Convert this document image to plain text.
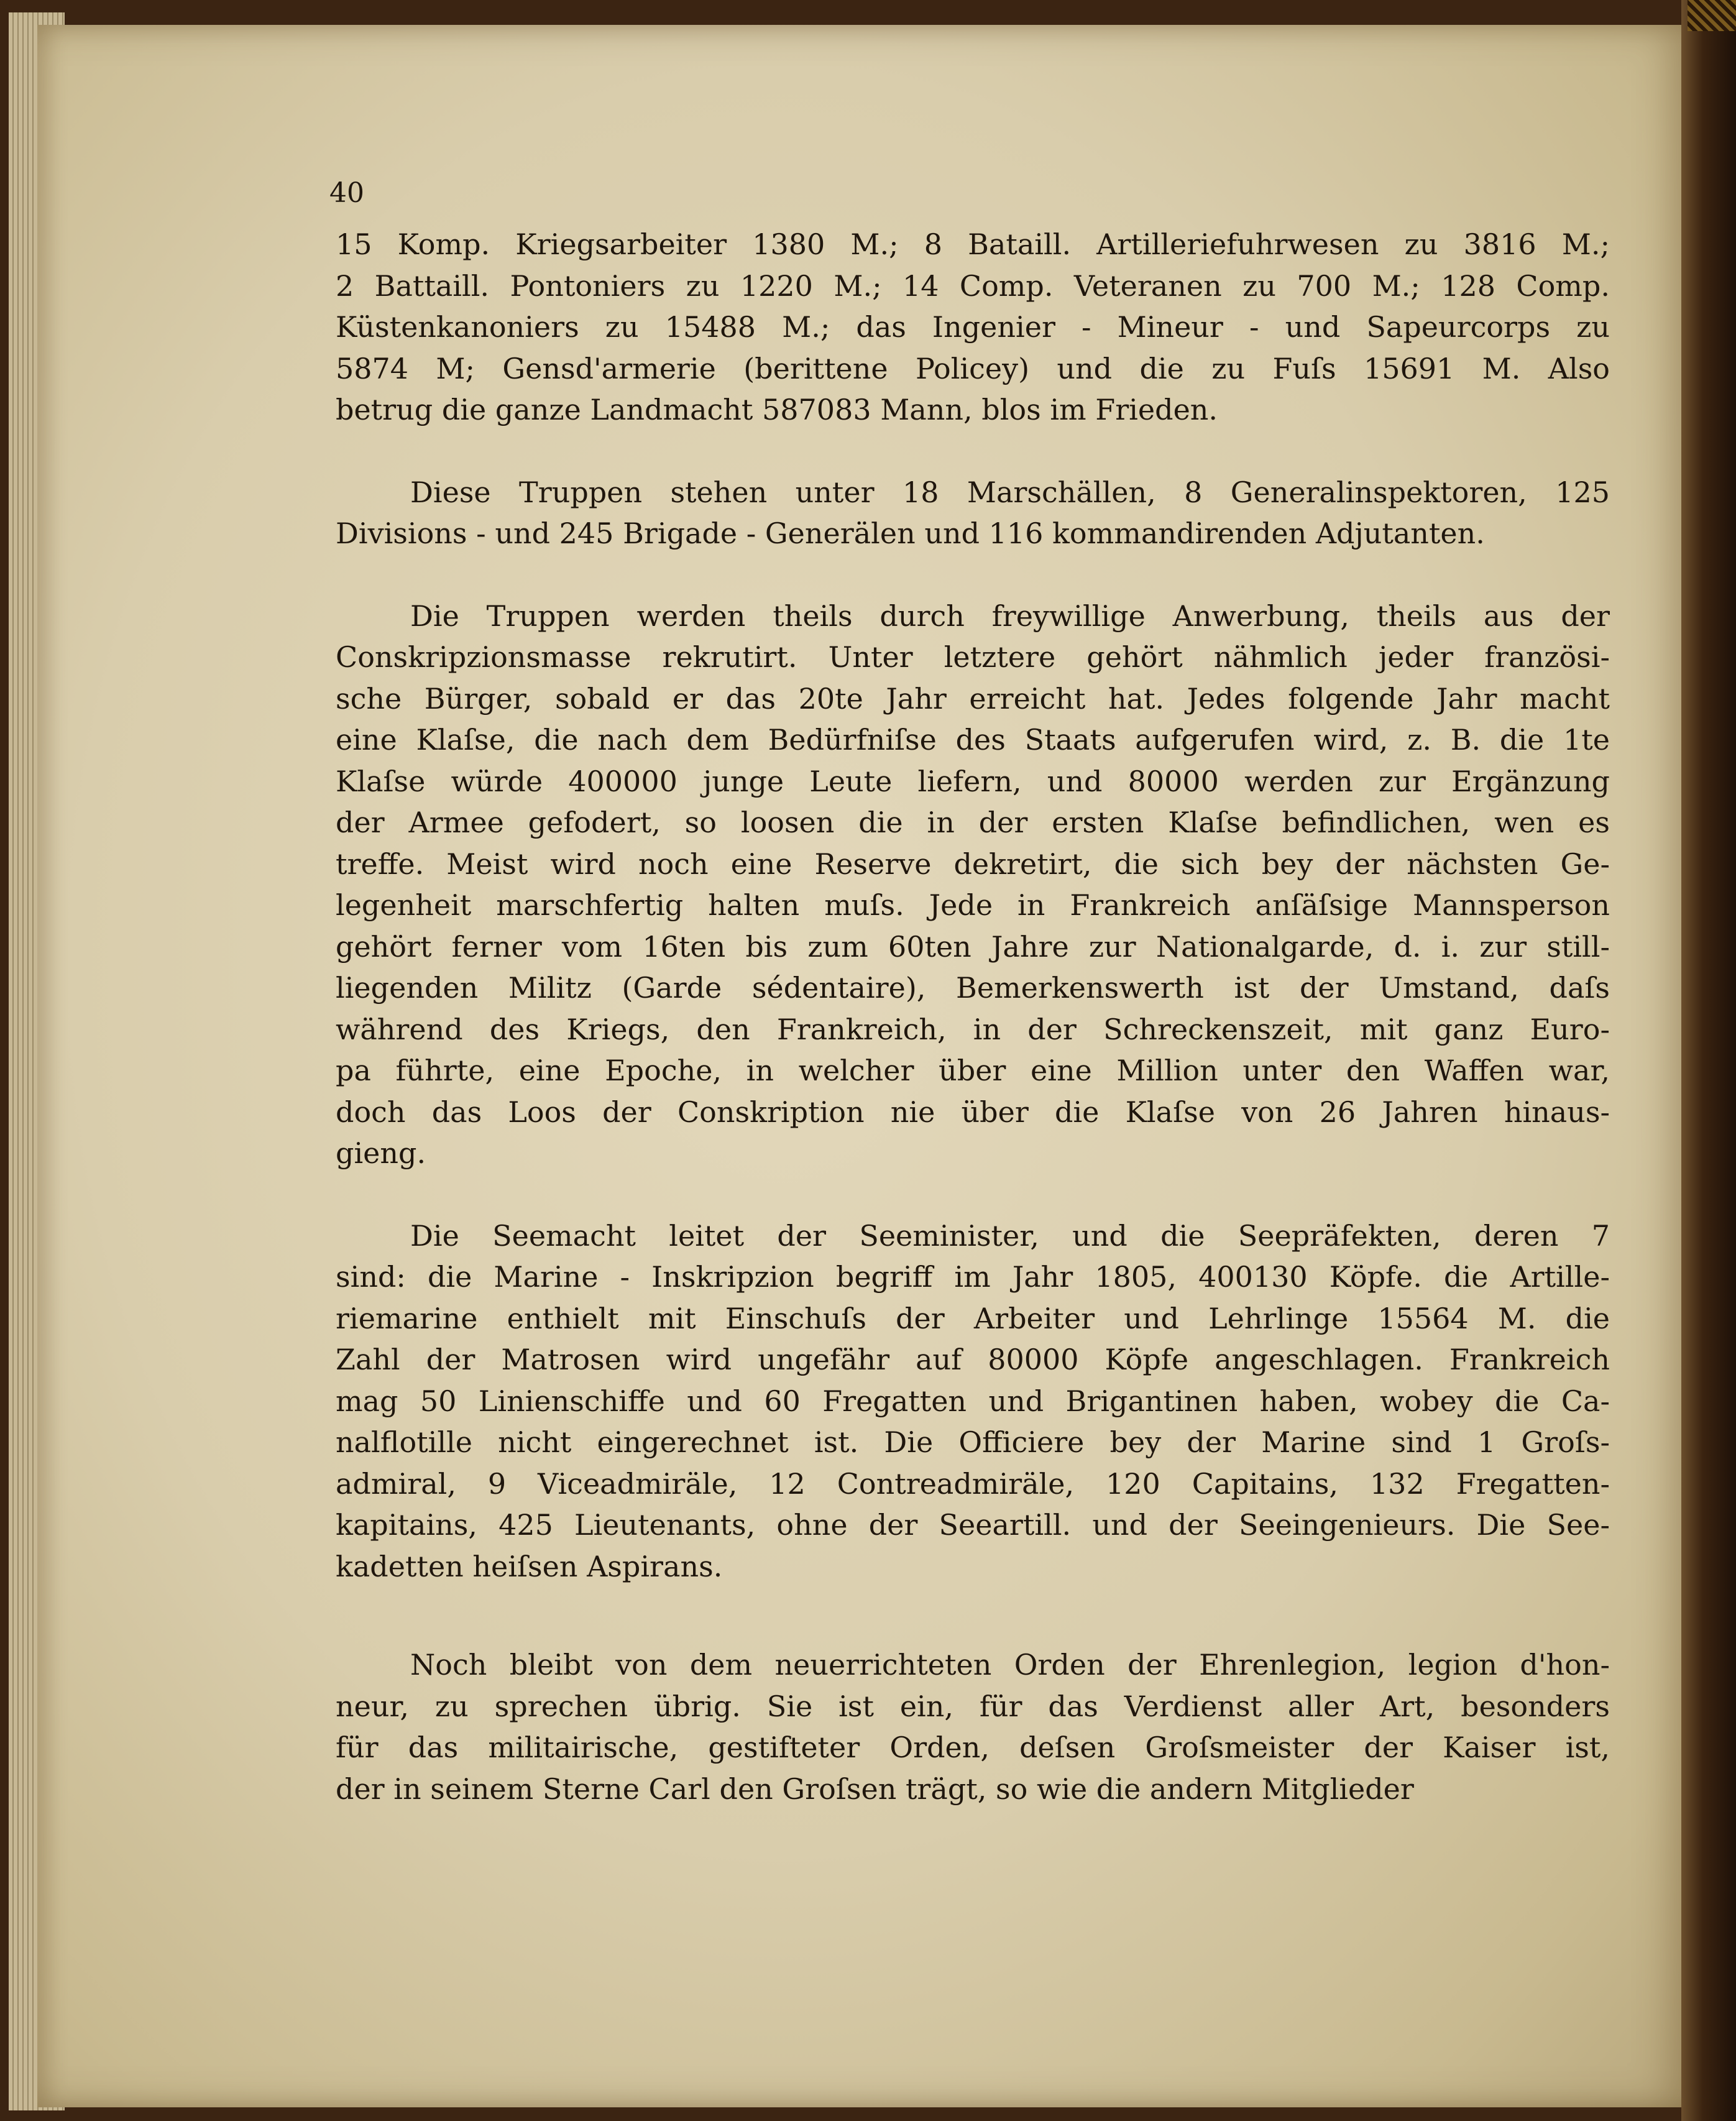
40
15 Komp. Kriegsarbeiter 1380 M.; 8 Bataill. Artilleriefuhrwesen zu 3816 M.;
2 Battaill. Pontoniers zu 1220 M.; 14 Comp. Veteranen zu 700 M.; 128 Comp.
Küstenkanoniers zu 15488 M.; das Ingenier - Mineur - und Sapeurcorps zu
5874 M; Gensd'armerie (berittene Policey) und die zu Fuſs 15691 M. Also
betrug die ganze Landmacht 587083 Mann, blos im Frieden.
Diese Truppen stehen unter 18 Marschällen, 8 Generalinspektoren, 125
Divisions - und 245 Brigade - Generälen und 116 kommandirenden Adjutanten.
Die Truppen werden theils durch freywillige Anwerbung, theils aus der
Conskripzionsmasse rekrutirt. Unter letztere gehört nähmlich jeder französi-
sche Bürger, sobald er das 20te Jahr erreicht hat. Jedes folgende Jahr macht
eine Klaſse, die nach dem Bedürfniſse des Staats aufgerufen wird, z. B. die 1te
Klaſse würde 400000 junge Leute liefern, und 80000 werden zur Ergänzung
der Armee gefodert, so loosen die in der ersten Klaſse befindlichen, wen es
treffe. Meist wird noch eine Reserve dekretirt, die sich bey der nächsten Ge-
legenheit marschfertig halten muſs. Jede in Frankreich anſäſsige Mannsperson
gehört ferner vom 16ten bis zum 60ten Jahre zur Nationalgarde, d. i. zur still-
liegenden Militz (Garde sédentaire), Bemerkenswerth ist der Umstand, daſs
während des Kriegs, den Frankreich, in der Schreckenszeit, mit ganz Euro-
pa führte, eine Epoche, in welcher über eine Million unter den Waffen war,
doch das Loos der Conskription nie über die Klaſse von 26 Jahren hinaus-
gieng.
Die Seemacht leitet der Seeminister, und die Seepräfekten, deren 7
sind: die Marine - Inskripzion begriff im Jahr 1805, 400130 Köpfe. die Artille-
riemarine enthielt mit Einschuſs der Arbeiter und Lehrlinge 15564 M. die
Zahl der Matrosen wird ungefähr auf 80000 Köpfe angeschlagen. Frankreich
mag 50 Linienschiffe und 60 Fregatten und Brigantinen haben, wobey die Ca-
nalflotille nicht eingerechnet ist. Die Officiere bey der Marine sind 1 Groſs-
admiral, 9 Viceadmiräle, 12 Contreadmiräle, 120 Capitains, 132 Fregatten-
kapitains, 425 Lieutenants, ohne der Seeartill. und der Seeingenieurs. Die See-
kadetten heiſsen Aspirans.
Noch bleibt von dem neuerrichteten Orden der Ehrenlegion, legion d'hon-
neur, zu sprechen übrig. Sie ist ein, für das Verdienst aller Art, besonders
für das militairische, gestifteter Orden, deſsen Groſsmeister der Kaiser ist,
der in seinem Sterne Carl den Groſsen trägt, so wie die andern Mitglieder
